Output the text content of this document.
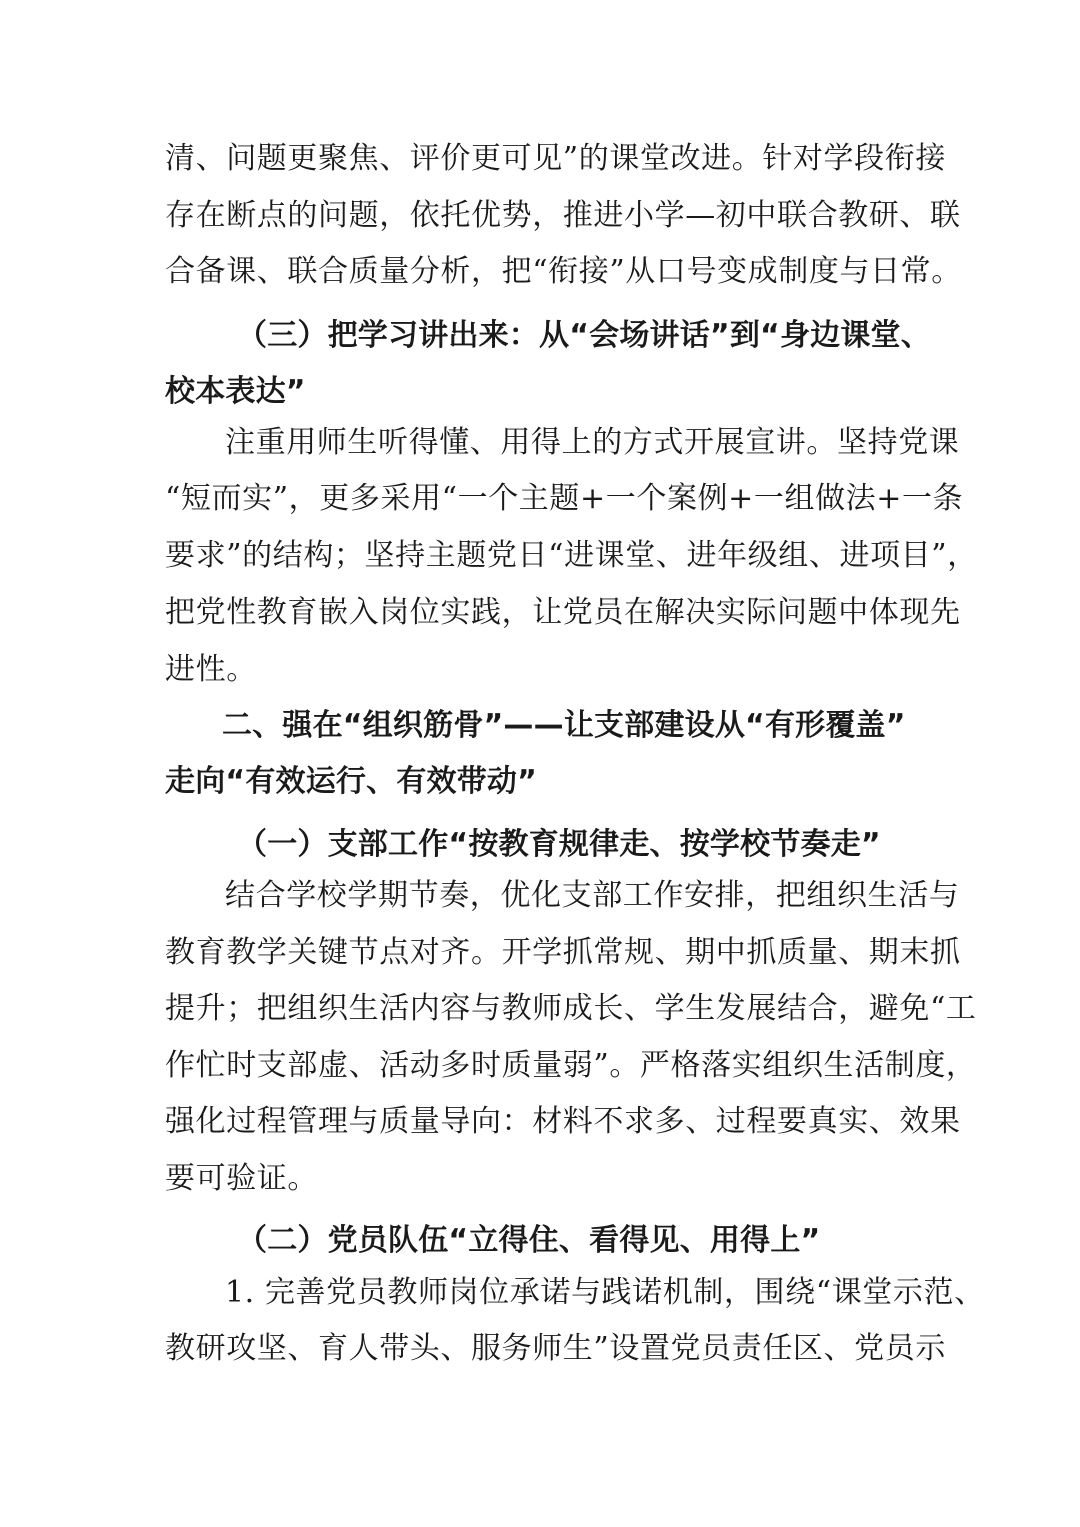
清、问题更聚焦、评价更可见”的课堂改进。针对学段衔接
存在断点的问题，依托优势，推进小学—初中联合教研、联
合备课、联合质量分析，把“衔接”从口号变成制度与日常。
（三）把学习讲出来：从“会场讲话”到“身边课堂、
校本表达”
注重用师生听得懂、用得上的方式开展宣讲。坚持党课
“短而实”，更多采用“一个主题+一个案例+一组做法+一条
要求”的结构；坚持主题党日“进课堂、进年级组、进项目”，
把党性教育嵌入岗位实践，让党员在解决实际问题中体现先
进性。
二、强在“组织筋骨”——让支部建设从“有形覆盖”
走向“有效运行、有效带动”
（一）支部工作“按教育规律走、按学校节奏走”
结合学校学期节奏，优化支部工作安排，把组织生活与
教育教学关键节点对齐。开学抓常规、期中抓质量、期末抓
提升；把组织生活内容与教师成长、学生发展结合，避免“工
作忙时支部虚、活动多时质量弱”。严格落实组织生活制度，
强化过程管理与质量导向：材料不求多、过程要真实、效果
要可验证。
（二）党员队伍“立得住、看得见、用得上”
1. 完善党员教师岗位承诺与践诺机制，围绕“课堂示范、
教研攻坚、育人带头、服务师生”设置党员责任区、党员示
